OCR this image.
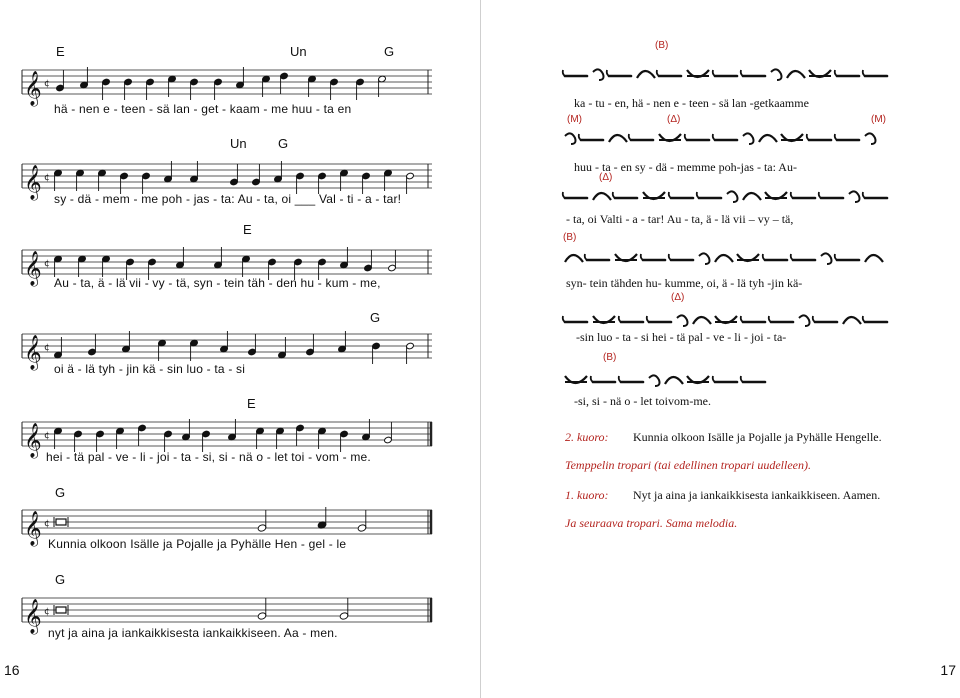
E	Un	G
𝄞 ¢
hä - nen e - teen - sä lan - get - kaam - me huu - ta en
Un G
𝄞 ¢
sy - dä - mem - me poh - jas - ta: Au - ta, oi ___ Val - ti - a - tar!
E
𝄞 ¢
Au - ta, ä - lä vii - vy - tä, syn - tein täh - den hu - kum - me,
G
𝄞 ¢
oi ä - lä tyh - jin kä - sin luo - ta - si
E
𝄞 ¢
hei - tä pal - ve - li - joi - ta - si, si - nä o - let toi - vom - me.
G
𝄞 ¢
Kunnia olkoon Isälle ja Pojalle ja Pyhälle Hen - gel - le
G
𝄞 ¢
nyt ja aina ja iankaikkisesta iankaikkiseen. Aa - men.
16
(B)
ka - tu - en, hä - nen e - teen - sä lan -getkaamme
(M)	(Δ)	(M)
huu - ta - en sy - dä - memme poh-jas - ta: Au-
(Δ)
- ta, oi Valti - a - tar! Au - ta, ä - lä vii – vy – tä,
(B)
syn- tein tähden hu- kumme, oi, ä - lä tyh -jin kä-
(Δ)
-sin luo - ta - si hei - tä pal - ve - li - joi - ta-
(B)
-si, si - nä o - let toivom-me.
2. kuoro: Kunnia olkoon Isälle ja Pojalle ja Pyhälle Hengelle.
Temppelin tropari (tai edellinen tropari uudelleen).
1. kuoro: Nyt ja aina ja iankaikkisesta iankaikkiseen. Aamen.
Ja seuraava tropari. Sama melodia.
17
